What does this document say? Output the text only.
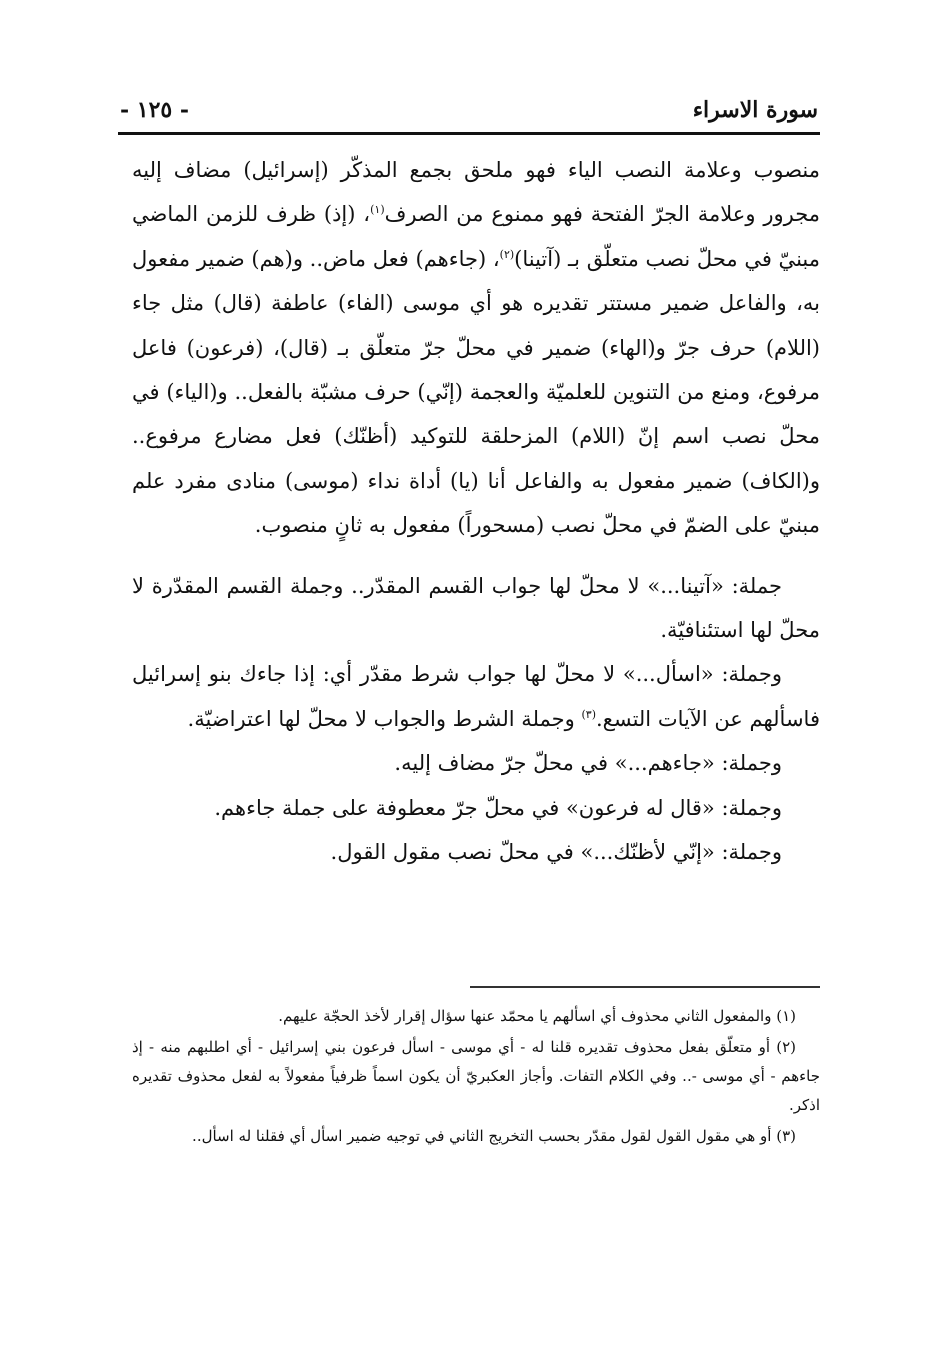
سورة الاسراء
- ١٢٥ -

منصوب وعلامة النصب الياء فهو ملحق بجمع المذكّر (إسرائيل) مضاف إليه مجرور وعلامة الجرّ الفتحة فهو ممنوع من الصرف$^{(١)}$، (إذ) ظرف للزمن الماضي مبنيّ في محلّ نصب متعلّق بـ (آتينا)$^{(٢)}$، (جاءهم) فعل ماض.. و(هم) ضمير مفعول به، والفاعل ضمير مستتر تقديره هو أي موسى (الفاء) عاطفة (قال) مثل جاء (اللام) حرف جرّ و(الهاء) ضمير في محلّ جرّ متعلّق بـ (قال)، (فرعون) فاعل مرفوع، ومنع من التنوين للعلميّة والعجمة (إنّي) حرف مشبّة بالفعل.. و(الياء) في محلّ نصب اسم إنّ (اللام) المزحلقة للتوكيد (أظنّك) فعل مضارع مرفوع.. و(الكاف) ضمير مفعول به والفاعل أنا (يا) أداة نداء (موسى) منادى مفرد علم مبنيّ على الضمّ في محلّ نصب (مسحوراً) مفعول به ثانٍ منصوب.

جملة: «آتينا...» لا محلّ لها جواب القسم المقدّر.. وجملة القسم المقدّرة لا محلّ لها استئنافيّة.

وجملة: «اسأل...» لا محلّ لها جواب شرط مقدّر أي: إذا جاءك بنو إسرائيل فاسألهم عن الآيات التسع.$^{(٣)}$ وجملة الشرط والجواب لا محلّ لها اعتراضيّة.

وجملة: «جاءهم...» في محلّ جرّ مضاف إليه.

وجملة: «قال له فرعون» في محلّ جرّ معطوفة على جملة جاءهم.

وجملة: «إنّي لأظنّك...» في محلّ نصب مقول القول.

(١) والمفعول الثاني محذوف أي اسألهم يا محمّد عنها سؤال إقرار لأخذ الحجّة عليهم.

(٢) أو متعلّق بفعل محذوف تقديره قلنا له - أي موسى - اسأل فرعون بني إسرائيل - أي اطلبهم منه - إذ جاءهم - أي موسى -.. وفي الكلام التفات. وأجاز العكبريّ أن يكون اسماً ظرفياً مفعولاً به لفعل محذوف تقديره اذكر.

(٣) أو هي مقول القول لقول مقدّر بحسب التخريج الثاني في توجيه ضمير اسأل أي فقلنا له اسأل..
